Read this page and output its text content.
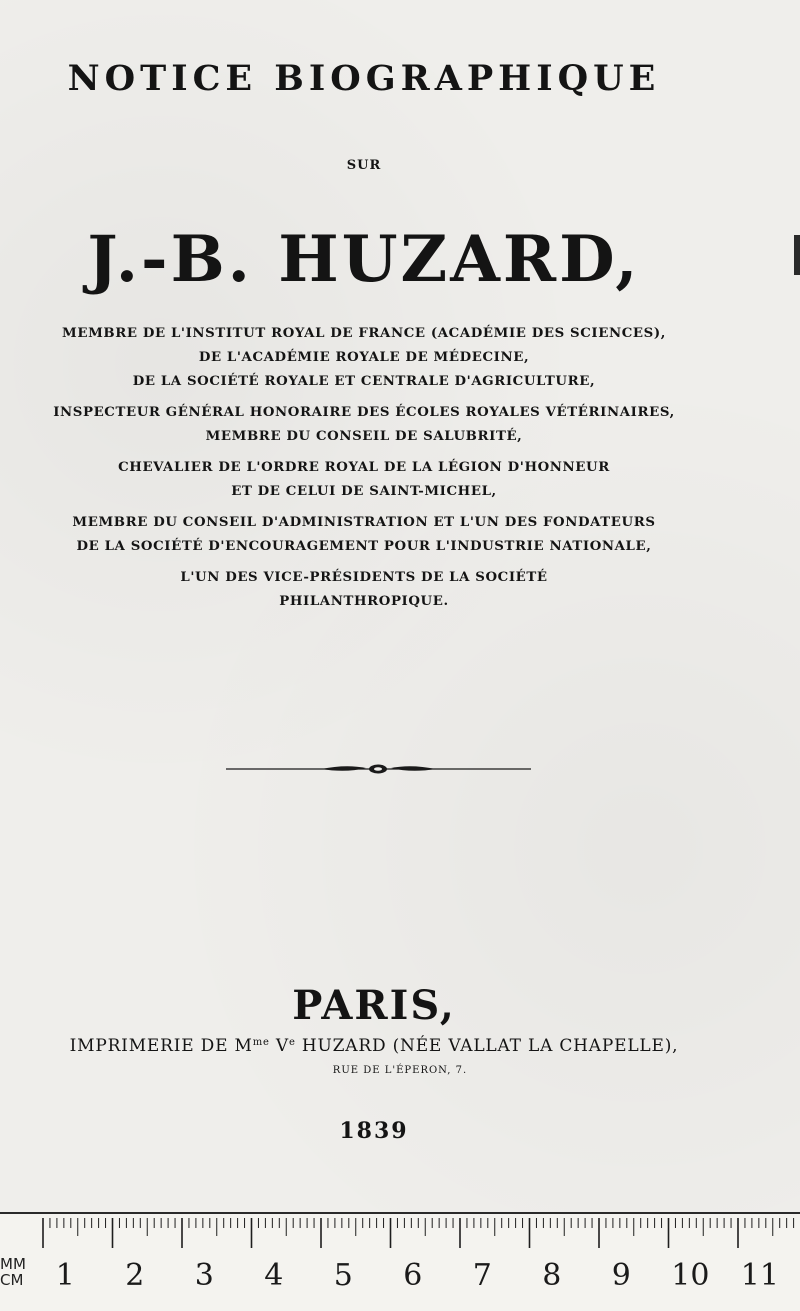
NOTICE BIOGRAPHIQUE
SUR
J.-B. HUZARD,
MEMBRE DE L'INSTITUT ROYAL DE FRANCE (ACADÉMIE DES SCIENCES),
DE L'ACADÉMIE ROYALE DE MÉDECINE,
DE LA SOCIÉTÉ ROYALE ET CENTRALE D'AGRICULTURE,
INSPECTEUR GÉNÉRAL HONORAIRE DES ÉCOLES ROYALES VÉTÉRINAIRES,
MEMBRE DU CONSEIL DE SALUBRITÉ,
CHEVALIER DE L'ORDRE ROYAL DE LA LÉGION D'HONNEUR
ET DE CELUI DE SAINT-MICHEL,
MEMBRE DU CONSEIL D'ADMINISTRATION ET L'UN DES FONDATEURS
DE LA SOCIÉTÉ D'ENCOURAGEMENT POUR L'INDUSTRIE NATIONALE,
L'UN DES VICE-PRÉSIDENTS DE LA SOCIÉTÉ
PHILANTHROPIQUE.
PARIS,
IMPRIMERIE DE $M^{me}$ Ve HUZARD (NÉE VALLAT LA CHAPELLE),
RUE DE L'ÉPERON, 7.
1839
MM
CM 1 2 3 4 5 6 7 8 9 10 11
